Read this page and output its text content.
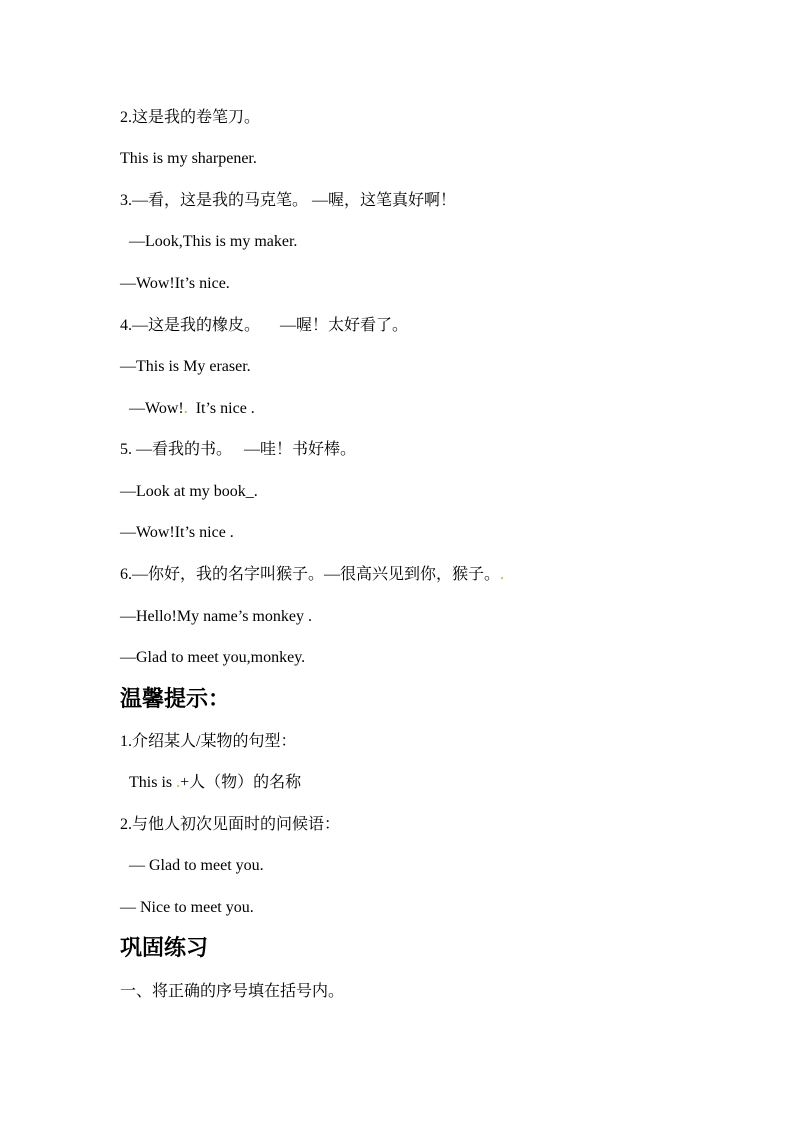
2.这是我的卷笔刀。
This is my sharpener.
3.—看，这是我的马克笔。 —喔，这笔真好啊！
—Look,This is my maker.
—Wow!It’s nice.
4.—这是我的橡皮。     —喔！太好看了。
—This is My eraser.
—Wow!. It’s nice .
5. —看我的书。   —哇！书好棒。
—Look at my book_.
—Wow!It’s nice .
6.—你好，我的名字叫猴子。—很高兴见到你，猴子。.
—Hello!My name’s monkey .
—Glad to meet you,monkey.
温馨提示：
1.介绍某人/某物的句型：
This is .+人（物）的名称
2.与他人初次见面时的问候语：
— Glad to meet you.
— Nice to meet you.
巩固练习
一、将正确的序号填在括号内。
